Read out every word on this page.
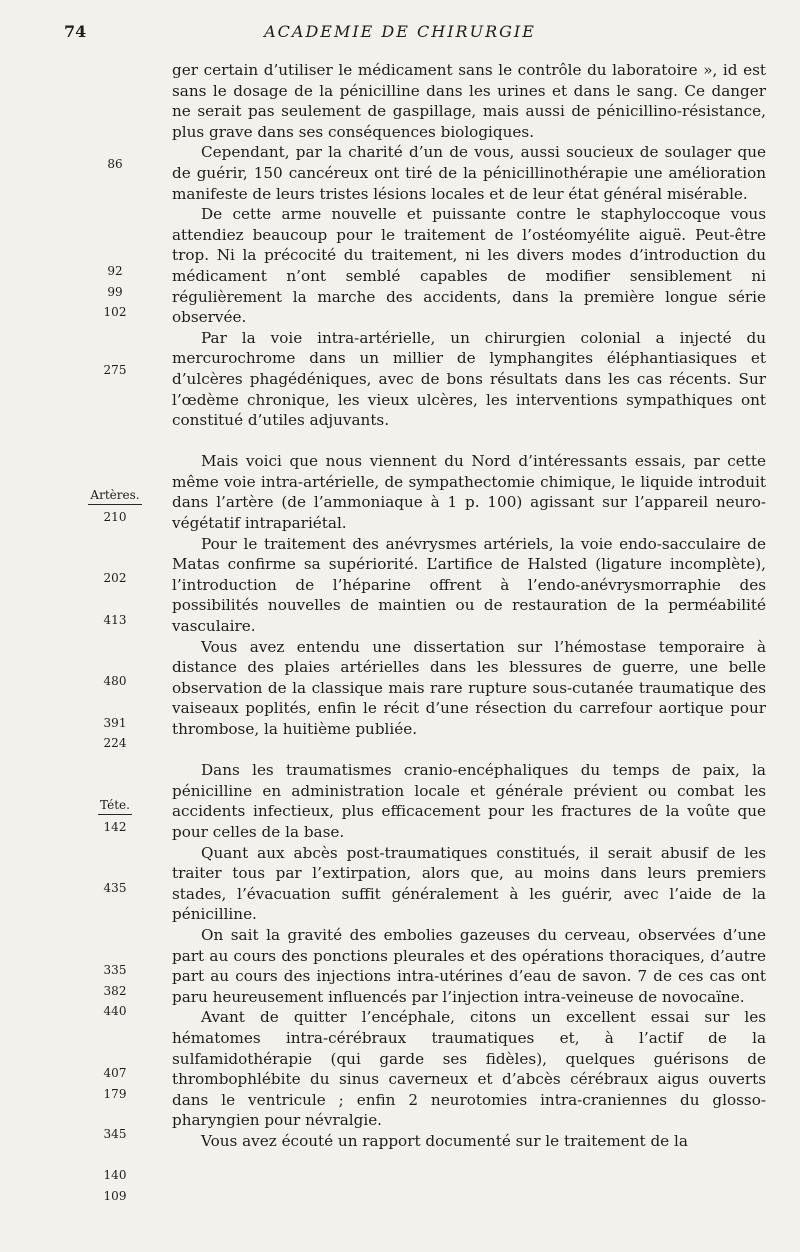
74	ACADEMIE DE CHIRURGIE
86
92
99
102
275
Artères.
210
202
413
480
391
224
Téte.
142
435
335
382
440
407
179
345
140
109

ger certain d’utiliser le médicament sans le contrôle du laboratoire », id est sans le dosage de la pénicilline dans les urines et dans le sang. Ce danger ne serait pas seulement de gaspillage, mais aussi de pénicillino-résistance, plus grave dans ses conséquences biologiques.

Cependant, par la charité d’un de vous, aussi soucieux de soulager que de guérir, 150 cancéreux ont tiré de la pénicillinothérapie une amélioration manifeste de leurs tristes lésions locales et de leur état général misérable.

De cette arme nouvelle et puissante contre le staphyloccoque vous attendiez beaucoup pour le traitement de l’ostéomyélite aiguë. Peut-être trop. Ni la précocité du traitement, ni les divers modes d’introduction du médicament n’ont semblé capables de modifier sensiblement ni régulièrement la marche des accidents, dans la première longue série observée.

Par la voie intra-artérielle, un chirurgien colonial a injecté du mercurochrome dans un millier de lymphangites éléphantiasiques et d’ulcères phagédéniques, avec de bons résultats dans les cas récents. Sur l’œdème chronique, les vieux ulcères, les interventions sympathiques ont constitué d’utiles adjuvants.

Mais voici que nous viennent du Nord d’intéressants essais, par cette même voie intra-artérielle, de sympathectomie chimique, le liquide introduit dans l’artère (de l’ammoniaque à 1 p. 100) agissant sur l’appareil neuro-végétatif intrapariétal.

Pour le traitement des anévrysmes artériels, la voie endo-sacculaire de Matas confirme sa supériorité. L’artifice de Halsted (ligature incomplète), l’introduction de l’héparine offrent à l’endo-anévrysmorraphie des possibilités nouvelles de maintien ou de restauration de la perméabilité vasculaire.

Vous avez entendu une dissertation sur l’hémostase temporaire à distance des plaies artérielles dans les blessures de guerre, une belle observation de la classique mais rare rupture sous-cutanée traumatique des vaiseaux poplités, enfin le récit d’une résection du carrefour aortique pour thrombose, la huitième publiée.

Dans les traumatismes cranio-encéphaliques du temps de paix, la pénicilline en administration locale et générale prévient ou combat les accidents infectieux, plus efficacement pour les fractures de la voûte que pour celles de la base.

Quant aux abcès post-traumatiques constitués, il serait abusif de les traiter tous par l’extirpation, alors que, au moins dans leurs premiers stades, l’évacuation suffit généralement à les guérir, avec l’aide de la pénicilline.

On sait la gravité des embolies gazeuses du cerveau, observées d’une part au cours des ponctions pleurales et des opérations thoraciques, d’autre part au cours des injections intra-utérines d’eau de savon. 7 de ces cas ont paru heureusement influencés par l’injection intra-veineuse de novocaïne.

Avant de quitter l’encéphale, citons un excellent essai sur les hématomes intra-cérébraux traumatiques et, à l’actif de la sulfamidothérapie (qui garde ses fidèles), quelques guérisons de thrombophlébite du sinus caverneux et d’abcès cérébraux aigus ouverts dans le ventricule ; enfin 2 neurotomies intra-craniennes du glosso-pharyngien pour névralgie.

Vous avez écouté un rapport documenté sur le traitement de la
